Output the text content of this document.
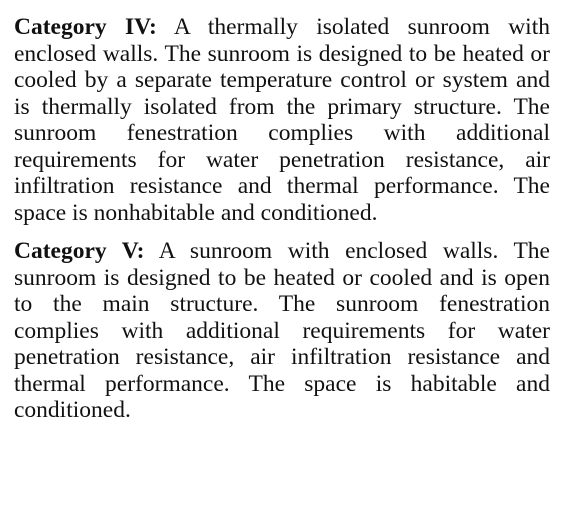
Category IV: A thermally isolated sunroom with enclosed walls. The sunroom is designed to be heated or cooled by a separate temperature control or system and is thermally isolated from the primary structure. The sunroom fenestration complies with additional requirements for water penetration resistance, air infiltration resistance and thermal performance. The space is nonhabitable and conditioned.

Category V: A sunroom with enclosed walls. The sunroom is designed to be heated or cooled and is open to the main structure. The sunroom fenestration complies with additional requirements for water penetration resistance, air infiltration resistance and thermal performance. The space is habitable and conditioned.
